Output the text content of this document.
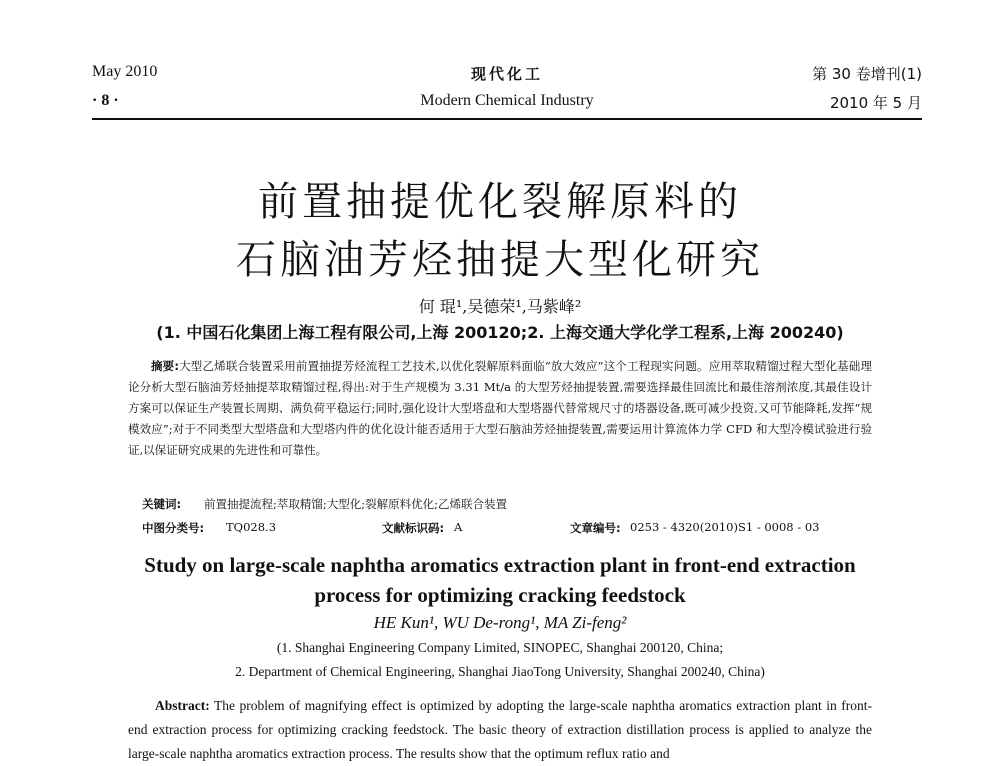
May 2010	现代化工	第 30 卷增刊(1)
· 8 ·	Modern Chemical Industry	2010 年 5 月
前置抽提优化裂解原料的
石脑油芳烃抽提大型化研究
何 琨¹,吴德荣¹,马紫峰²
(1. 中国石化集团上海工程有限公司,上海 200120;2. 上海交通大学化学工程系,上海 200240)
摘要:大型乙烯联合装置采用前置抽提芳烃流程工艺技术,以优化裂解原料面临“放大效应”这个工程现实问题。应用萃取精馏过程大型化基础理论分析大型石脑油芳烃抽提萃取精馏过程,得出:对于生产规模为 3.31 Mt/a 的大型芳烃抽提装置,需要选择最佳回流比和最佳溶剂浓度,其最佳设计方案可以保证生产装置长周期、满负荷平稳运行;同时,强化设计大型塔盘和大型塔器代替常规尺寸的塔器设备,既可减少投资,又可节能降耗,发挥“规模效应”;对于不同类型大型塔盘和大型塔内件的优化设计能否适用于大型石脑油芳烃抽提装置,需要运用计算流体力学 CFD 和大型冷模试验进行验证,以保证研究成果的先进性和可靠性。
关键词: 前置抽提流程;萃取精馏;大型化;裂解原料优化;乙烯联合装置
中图分类号: TQ028.3	文献标识码: A	文章编号: 0253 - 4320(2010)S1 - 0008 - 03
Study on large-scale naphtha aromatics extraction plant in front-end extraction
process for optimizing cracking feedstock
HE Kun¹, WU De-rong¹, MA Zi-feng²
(1. Shanghai Engineering Company Limited, SINOPEC, Shanghai 200120, China;
2. Department of Chemical Engineering, Shanghai JiaoTong University, Shanghai 200240, China)
Abstract: The problem of magnifying effect is optimized by adopting the large-scale naphtha aromatics extraction plant in front-end extraction process for optimizing cracking feedstock. The basic theory of extraction distillation process is applied to analyze the large-scale naphtha aromatics extraction process. The results show that the optimum reflux ratio and
